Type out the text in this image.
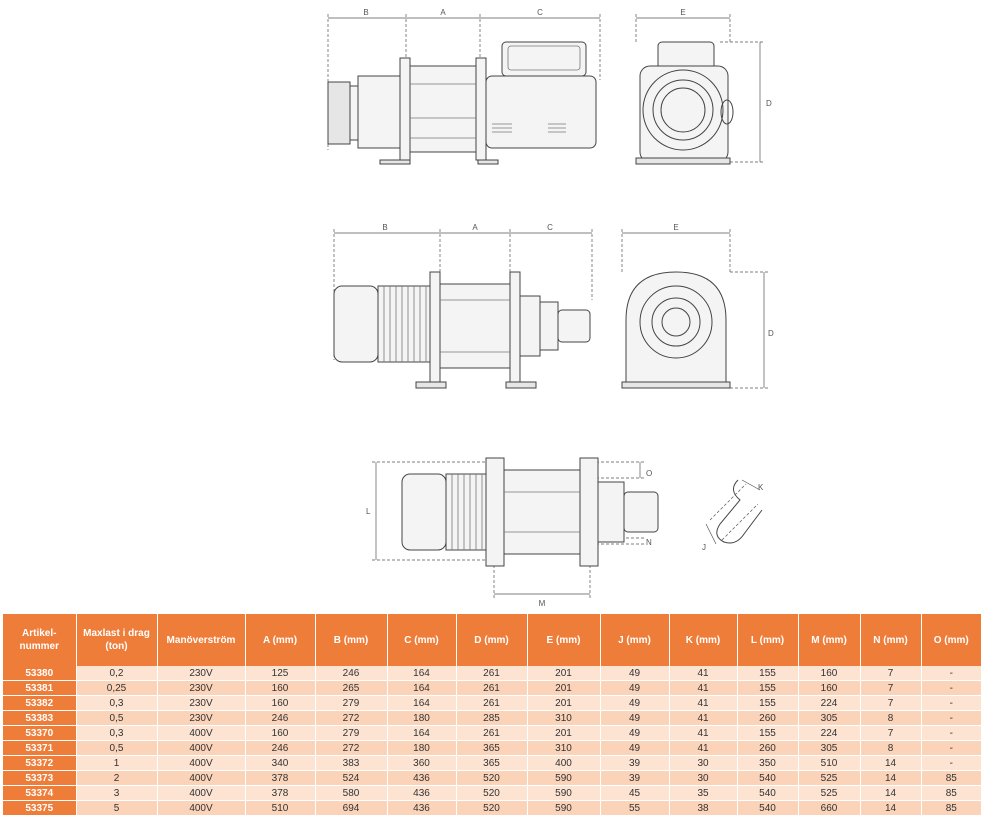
B	A	C	E
D
B	A	C	E
D
L
O
N
M
K
J
Artikel-nummer	Maxlast i drag (ton)	Manöverström	A (mm)	B (mm)	C (mm)	D (mm)	E (mm)	J (mm)	K (mm)	L (mm)	M (mm)	N (mm)	O (mm)
53380	0,2	230V	125	246	164	261	201	49	41	155	160	7	-
53381	0,25	230V	160	265	164	261	201	49	41	155	160	7	-
53382	0,3	230V	160	279	164	261	201	49	41	155	224	7	-
53383	0,5	230V	246	272	180	285	310	49	41	260	305	8	-
53370	0,3	400V	160	279	164	261	201	49	41	155	224	7	-
53371	0,5	400V	246	272	180	365	310	49	41	260	305	8	-
53372	1	400V	340	383	360	365	400	39	30	350	510	14	-
53373	2	400V	378	524	436	520	590	39	30	540	525	14	85
53374	3	400V	378	580	436	520	590	45	35	540	525	14	85
53375	5	400V	510	694	436	520	590	55	38	540	660	14	85
